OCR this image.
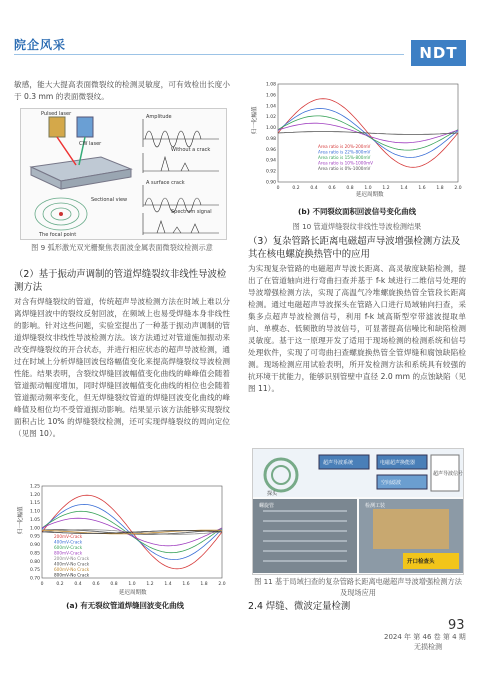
院企风采	NDT
敏感，能大大提高表面微裂纹的检测灵敏度，可有效检出长度小于 0.3 mm 的表面微裂纹。
Pulsed laser
CW laser
The focal point
Sectional view
Amplitude
Without a crack
A surface crack
Spectrum signal
图 9 弧形激光双光栅聚焦表面波金属表面微裂纹检测示意
（2）基于振动声调制的管道焊缝裂纹非线性导波检测方法
对含有焊缝裂纹的管道，传统超声导波检测方法在时域上难以分离焊缝回波中的裂纹反射回波，在频域上也易受焊缝本身非线性的影响。针对这些问题，实验室提出了一种基于振动声调制的管道焊缝裂纹非线性导波检测方法。该方法通过对管道施加振动来改变焊缝裂纹的开合状态，并进行相应状态的超声导波检测，通过在时域上分析焊缝回波包络幅值变化来提高焊缝裂纹导波检测性能。结果表明，含裂纹焊缝回波幅值变化曲线的峰峰值会随着管道振动幅度增加，同时焊缝回波幅值变化曲线的相位也会随着管道振动频率变化，但无焊缝裂纹管道的焊缝回波变化曲线的峰峰值及相位均不受管道振动影响。结果显示该方法能够实现裂纹面积占比 10% 的焊缝裂纹检测，还可实现焊缝裂纹的周向定位（见图 10）。
归一化幅值
延迟周期数
1.25
1.20
1.15
1.10
1.05
1.00
0.95
0.90
0.85
0.80
0.75
0.70
0	0.2 0.4 0.6 0.8 1.0 1.2 1.4 1.6 1.8 2.0
200mV-Crack
400mV-Crack
600mV-Crack
800mV-Crack
200mV-No Crack
400mV-No Crack
600mV-No Crack
800mV-No Crack
(a) 有无裂纹管道焊缝回波变化曲线
归一化幅值
延迟周期数
1.08
1.06
1.04
1.02
1.00
0.98
0.96
0.94
0.92
0.90
0	0.2 0.4 0.6 0.8 1.0 1.2 1.4 1.6 1.8 2.0
Area ratio is 20%-200mV
Area ratio is 22%-800mV
Area ratio is 15%-800mV
Area ratio is 10%-1000mV
Area ratio is 0%-1000mV
(b) 不同裂纹面积回波信号变化曲线
图 10 管道焊缝裂纹非线性导波检测结果
（3）复杂管路长距离电磁超声导波增强检测方法及其在核电螺旋换热管中的应用
为实现复杂管路的电磁超声导波长距离、高灵敏度缺陷检测，提出了在管道轴向进行弯曲扫查并基于 f-k 域进行二维信号处理的导波增强检测方法，实现了高温气冷堆螺旋换热管全管段长距离检测。通过电磁超声导波探头在管路入口进行局域轴向扫查，采集多点超声导波检测信号，利用 f-k 域高斯型窄带滤波提取单向、单模态、低频散的导波信号，可显著提高信噪比和缺陷检测灵敏度。基于这一原理开发了适用于现场检测的检测系统和信号处理软件，实现了可弯曲扫查螺旋换热管全管焊缝和腐蚀缺陷检测。现场检测应用试验表明，所开发检测方法和系统具有较强的抗环境干扰能力，能够识别管壁中直径 2.0 mm 的点蚀缺陷（见图 11）。
超声导波系统	电磁超声换能器
空间滤波
超声导波信号
探头
螺旋管
开口检查头
检测工装
图 11 基于局域扫查的复杂管路长距离电磁超声导波增强检测方法及现场应用
2.4 焊缝、微波定量检测
93
2024 年 第 46 卷 第 4 期
无损检测
